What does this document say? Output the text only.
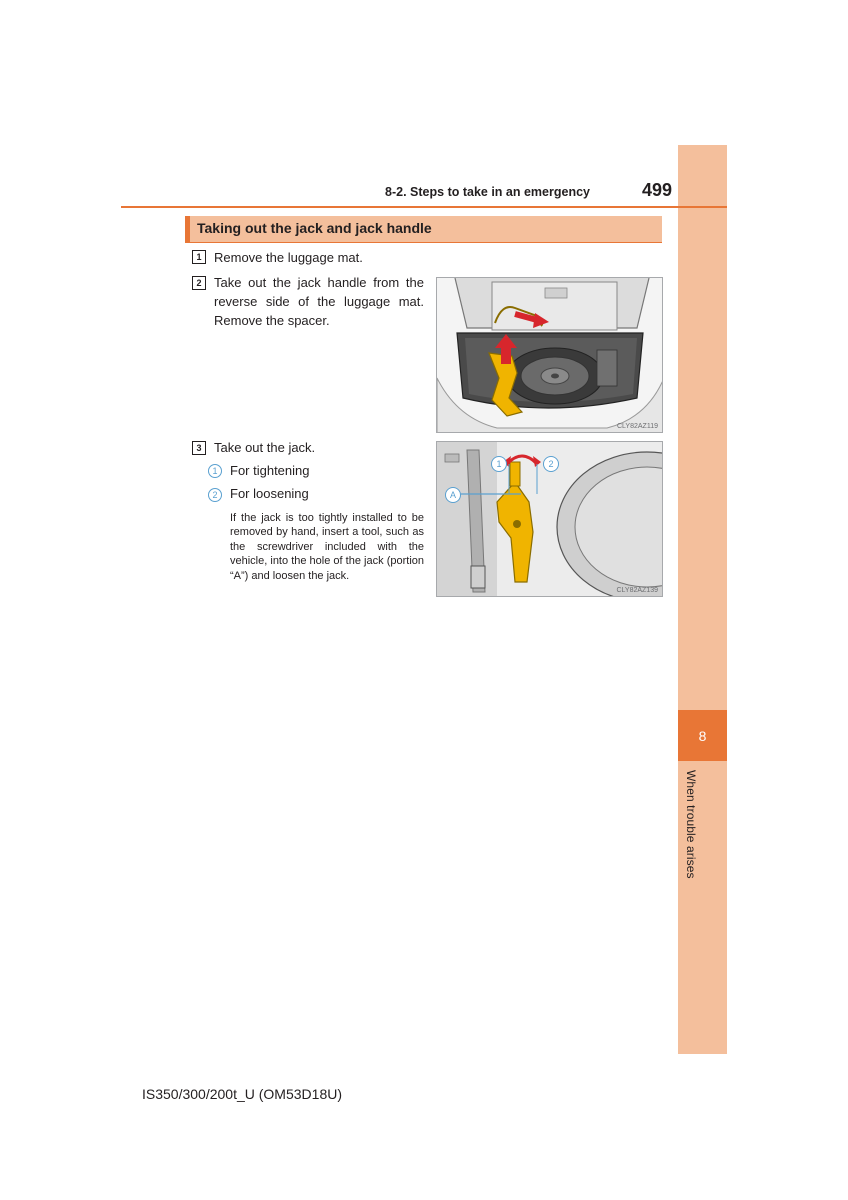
8
When trouble arises
8-2. Steps to take in an emergency	499
Taking out the jack and jack handle
1 Remove the luggage mat.
2 Take out the jack handle from the reverse side of the luggage mat. Remove the spacer.
3 Take out the jack.
1 For tightening
2 For loosening
If the jack is too tightly installed to be removed by hand, insert a tool, such as the screwdriver included with the vehicle, into the hole of the jack (portion “A”) and loosen the jack.
CLY82AZ119
1	2
A
CLY82AZ139
IS350/300/200t_U (OM53D18U)
